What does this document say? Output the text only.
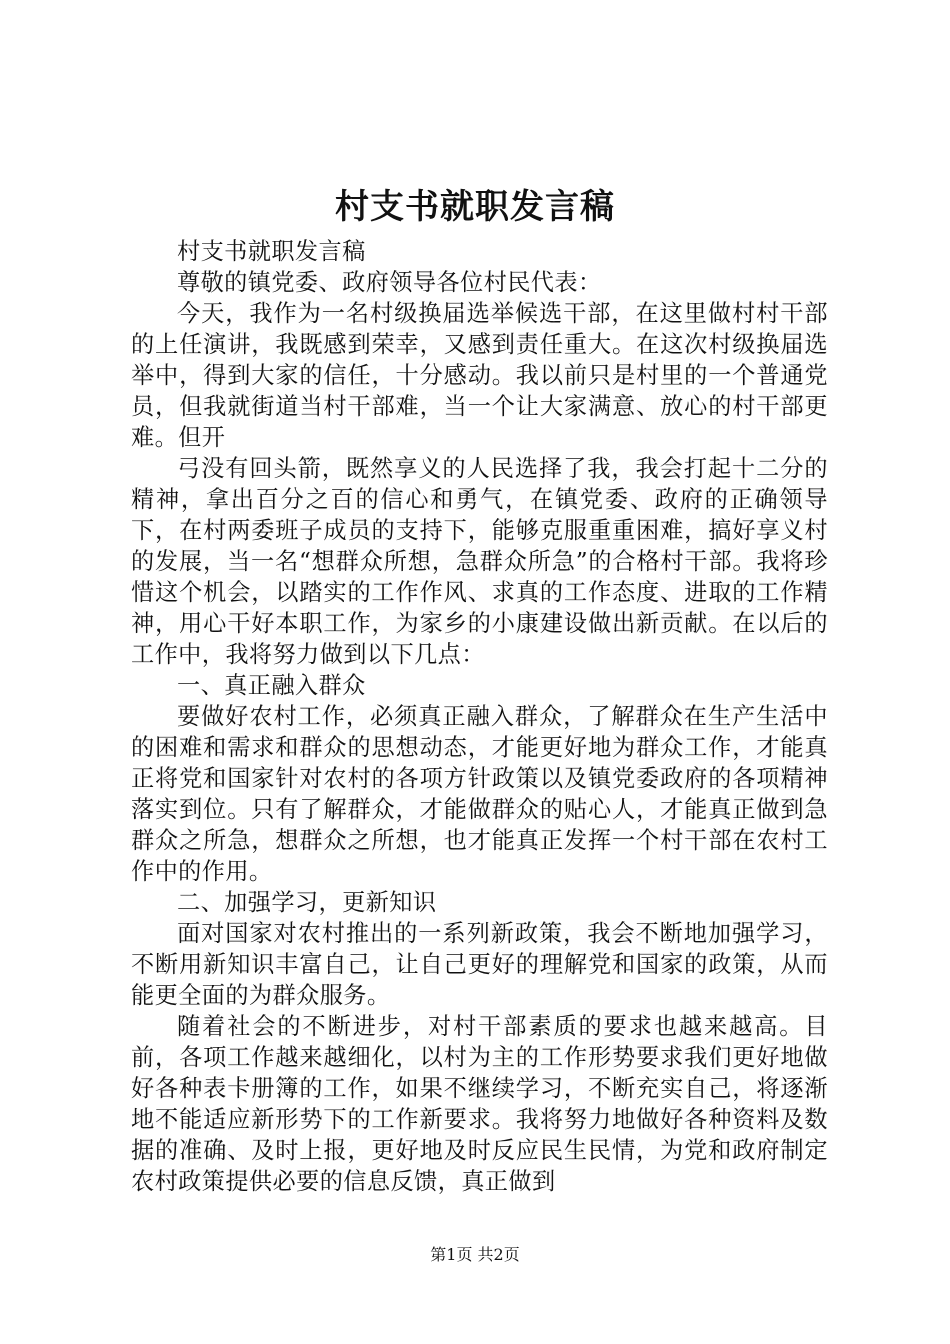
村支书就职发言稿

村支书就职发言稿

尊敬的镇党委、政府领导各位村民代表：

今天，我作为一名村级换届选举候选干部，在这里做村村干部的上任演讲，我既感到荣幸，又感到责任重大。在这次村级换届选举中，得到大家的信任，十分感动。我以前只是村里的一个普通党员，但我就街道当村干部难，当一个让大家满意、放心的村干部更难。但开

弓没有回头箭，既然享义的人民选择了我，我会打起十二分的精神，拿出百分之百的信心和勇气，在镇党委、政府的正确领导下，在村两委班子成员的支持下，能够克服重重困难，搞好享义村的发展，当一名“想群众所想，急群众所急”的合格村干部。我将珍惜这个机会，以踏实的工作作风、求真的工作态度、进取的工作精神，用心干好本职工作，为家乡的小康建设做出新贡献。在以后的工作中，我将努力做到以下几点：

一、真正融入群众

要做好农村工作，必须真正融入群众，了解群众在生产生活中的困难和需求和群众的思想动态，才能更好地为群众工作，才能真正将党和国家针对农村的各项方针政策以及镇党委政府的各项精神落实到位。只有了解群众，才能做群众的贴心人，才能真正做到急群众之所急，想群众之所想，也才能真正发挥一个村干部在农村工作中的作用。

二、加强学习，更新知识

面对国家对农村推出的一系列新政策，我会不断地加强学习，不断用新知识丰富自己，让自己更好的理解党和国家的政策，从而能更全面的为群众服务。

随着社会的不断进步，对村干部素质的要求也越来越高。目前，各项工作越来越细化，以村为主的工作形势要求我们更好地做好各种表卡册簿的工作，如果不继续学习，不断充实自己，将逐渐地不能适应新形势下的工作新要求。我将努力地做好各种资料及数据的准确、及时上报，更好地及时反应民生民情，为党和政府制定农村政策提供必要的信息反馈，真正做到

第1页 共2页
